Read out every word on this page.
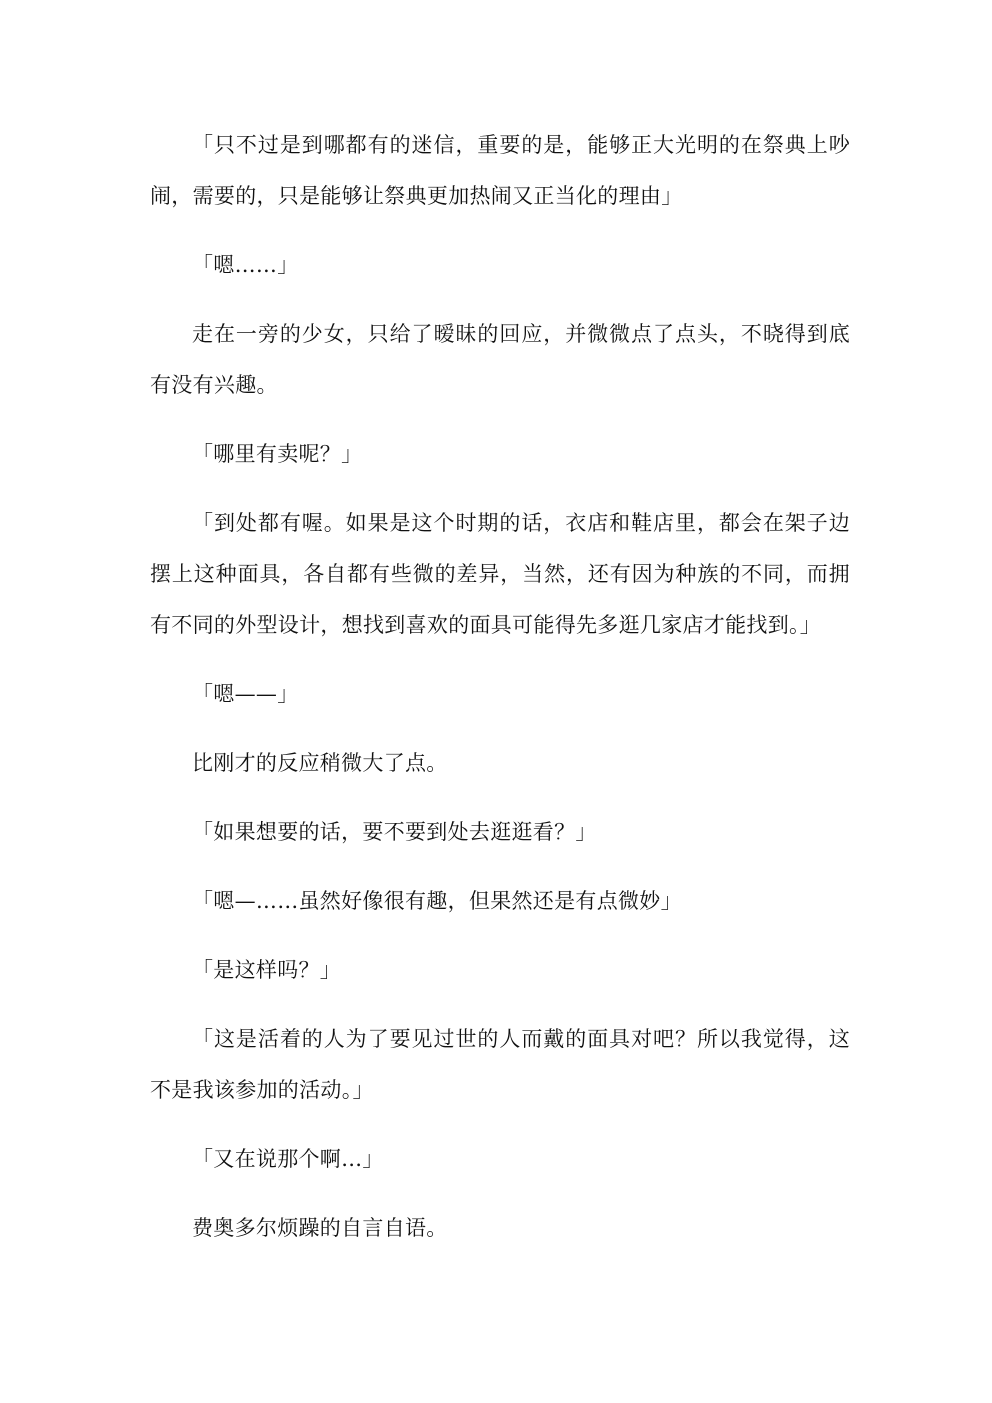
「只不过是到哪都有的迷信，重要的是，能够正大光明的在祭典上吵闹，需要的，只是能够让祭典更加热闹又正当化的理由」

「嗯……」

走在一旁的少女，只给了暧昧的回应，并微微点了点头，不晓得到底有没有兴趣。

「哪里有卖呢？」

「到处都有喔。如果是这个时期的话，衣店和鞋店里，都会在架子边摆上这种面具，各自都有些微的差异，当然，还有因为种族的不同，而拥有不同的外型设计，想找到喜欢的面具可能得先多逛几家店才能找到。」

「嗯——」

比刚才的反应稍微大了点。

「如果想要的话，要不要到处去逛逛看？」

「嗯—……虽然好像很有趣，但果然还是有点微妙」

「是这样吗？」

「这是活着的人为了要见过世的人而戴的面具对吧？所以我觉得，这不是我该参加的活动。」

「又在说那个啊…」

费奥多尔烦躁的自言自语。
